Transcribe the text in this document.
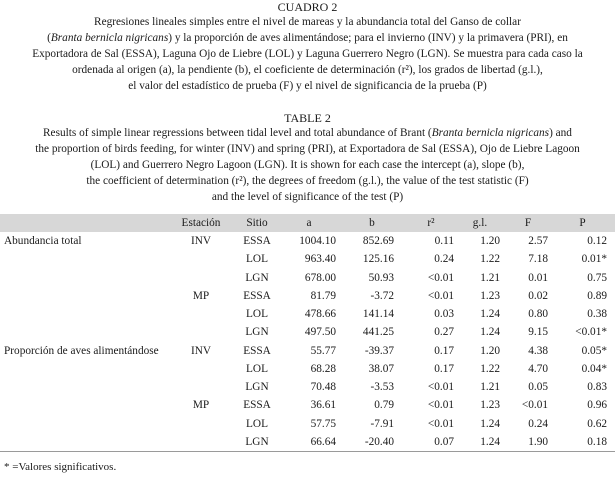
CUADRO 2
Regresiones lineales simples entre el nivel de mareas y la abundancia total del Ganso de collar
(Branta bernicla nigricans) y la proporción de aves alimentándose; para el invierno (INV) y la primavera (PRI), en
Exportadora de Sal (ESSA), Laguna Ojo de Liebre (LOL) y Laguna Guerrero Negro (LGN). Se muestra para cada caso la
ordenada al origen (a), la pendiente (b), el coeficiente de determinación (r²), los grados de libertad (g.l.),
el valor del estadístico de prueba (F) y el nivel de significancia de la prueba (P)
TABLE 2
Results of simple linear regressions between tidal level and total abundance of Brant (Branta bernicla nigricans) and
the proportion of birds feeding, for winter (INV) and spring (PRI), at Exportadora de Sal (ESSA), Ojo de Liebre Lagoon
(LOL) and Guerrero Negro Lagoon (LGN). It is shown for each case the intercept (a), slope (b),
the coefficient of determination (r²), the degrees of freedom (g.l.), the value of the test statistic (F)
and the level of significance of the test (P)
	Estación	Sitio	a	b	r²	g.l.	F	P
Abundancia total	INV	ESSA	1004.10	852.69	0.11	1.20	2.57	0.12
		LOL	963.40	125.16	0.24	1.22	7.18	0.01*
		LGN	678.00	50.93	<0.01	1.21	0.01	0.75
	MP	ESSA	81.79	-3.72	<0.01	1.23	0.02	0.89
		LOL	478.66	141.14	0.03	1.24	0.80	0.38
		LGN	497.50	441.25	0.27	1.24	9.15	<0.01*
Proporción de aves alimentándose	INV	ESSA	55.77	-39.37	0.17	1.20	4.38	0.05*
		LOL	68.28	38.07	0.17	1.22	4.70	0.04*
		LGN	70.48	-3.53	<0.01	1.21	0.05	0.83
	MP	ESSA	36.61	0.79	<0.01	1.23	<0.01	0.96
		LOL	57.75	-7.91	<0.01	1.24	0.24	0.62
		LGN	66.64	-20.40	0.07	1.24	1.90	0.18
* =Valores significativos.
